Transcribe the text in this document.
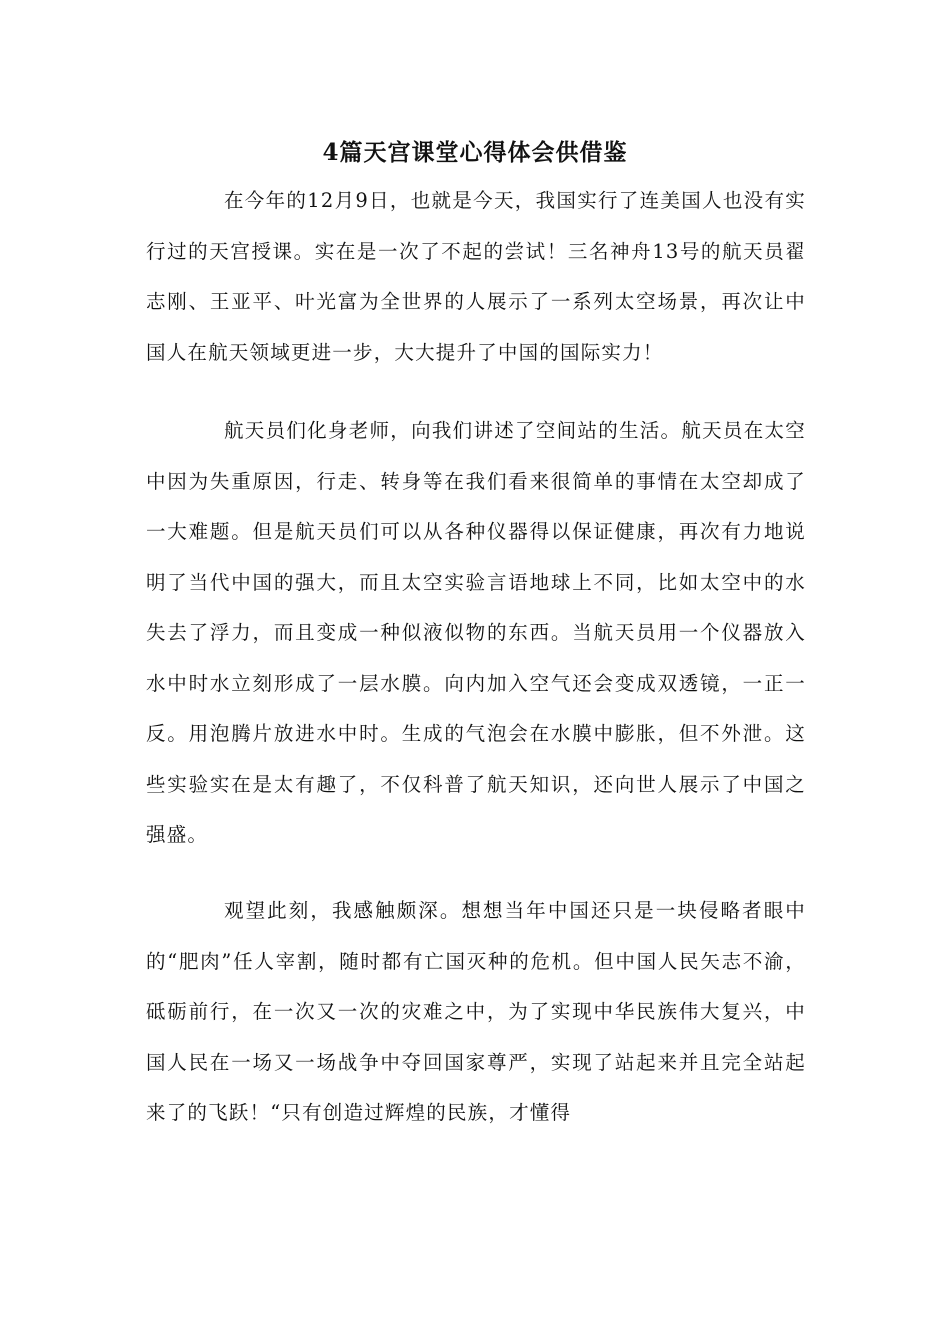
4篇天宫课堂心得体会供借鉴

在今年的12月9日，也就是今天，我国实行了连美国人也没有实行过的天宫授课。实在是一次了不起的尝试！三名神舟13号的航天员翟志刚、王亚平、叶光富为全世界的人展示了一系列太空场景，再次让中国人在航天领域更进一步，大大提升了中国的国际实力！

航天员们化身老师，向我们讲述了空间站的生活。航天员在太空中因为失重原因，行走、转身等在我们看来很简单的事情在太空却成了一大难题。但是航天员们可以从各种仪器得以保证健康，再次有力地说明了当代中国的强大，而且太空实验言语地球上不同，比如太空中的水失去了浮力，而且变成一种似液似物的东西。当航天员用一个仪器放入水中时水立刻形成了一层水膜。向内加入空气还会变成双透镜，一正一反。用泡腾片放进水中时。生成的气泡会在水膜中膨胀，但不外泄。这些实验实在是太有趣了，不仅科普了航天知识，还向世人展示了中国之强盛。

观望此刻，我感触颇深。想想当年中国还只是一块侵略者眼中的“肥肉”任人宰割，随时都有亡国灭种的危机。但中国人民矢志不渝，砥砺前行，在一次又一次的灾难之中，为了实现中华民族伟大复兴，中国人民在一场又一场战争中夺回国家尊严，实现了站起来并且完全站起来了的飞跃！“只有创造过辉煌的民族，才懂得
